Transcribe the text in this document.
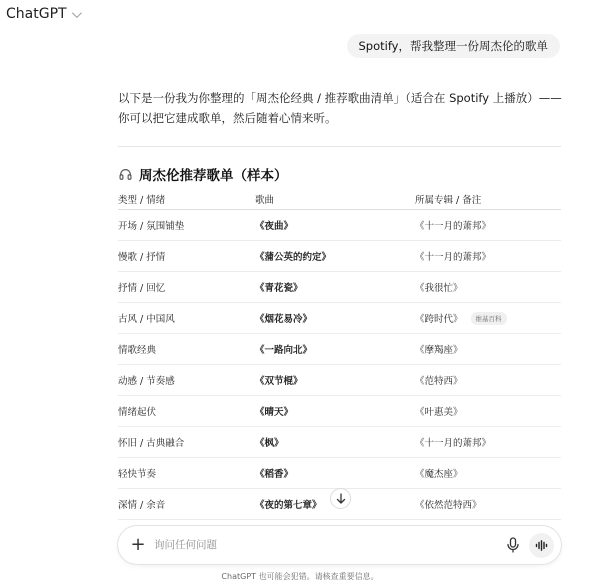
ChatGPT
Spotify，帮我整理一份周杰伦的歌单
以下是一份我为你整理的「周杰伦经典 / 推荐歌曲清单」（适合在 Spotify 上播放）——你可以把它建成歌单，然后随着心情来听。
周杰伦推荐歌单（样本）
类型 / 情绪	歌曲	所属专辑 / 备注
开场 / 氛围铺垫	《夜曲》	《十一月的萧邦》
慢歌 / 抒情	《蒲公英的约定》	《十一月的萧邦》
抒情 / 回忆	《青花瓷》	《我很忙》
古风 / 中国风	《烟花易冷》	《跨时代》	维基百科
情歌经典	《一路向北》	《摩羯座》
动感 / 节奏感	《双节棍》	《范特西》
情绪起伏	《晴天》	《叶惠美》
怀旧 / 古典融合	《枫》	《十一月的萧邦》
轻快节奏	《稻香》	《魔杰座》
深情 / 余音	《夜的第七章》	《依然范特西》
+
询问任何问题
ChatGPT 也可能会犯错。请核查重要信息。
